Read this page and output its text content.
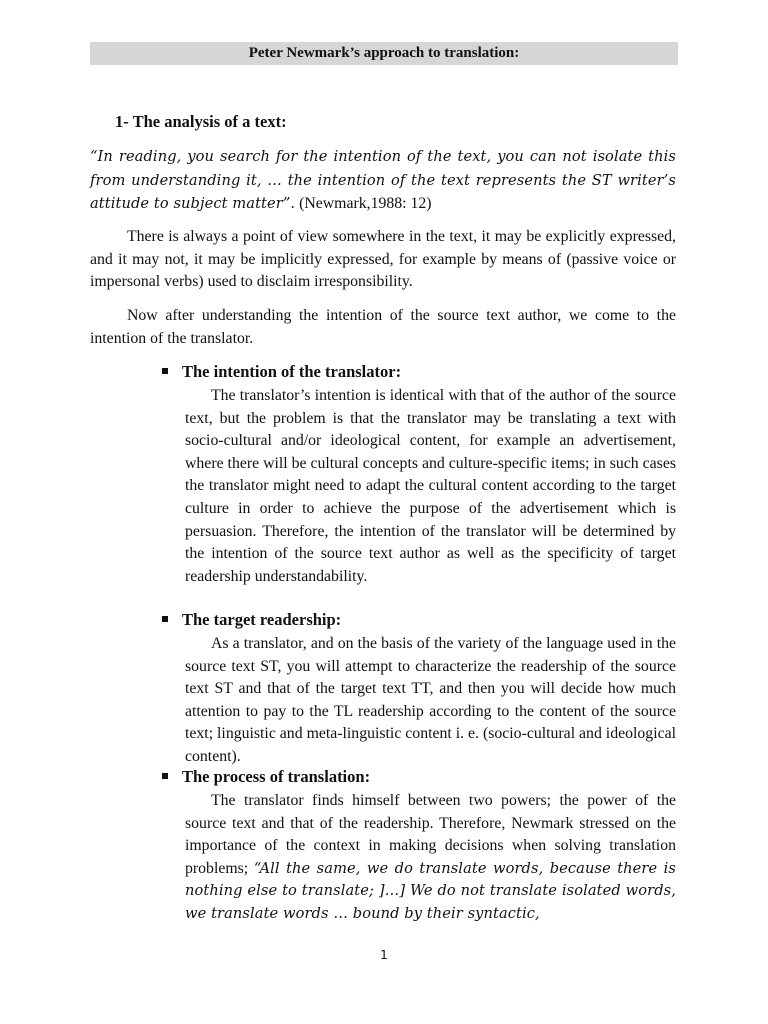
Peter Newmark’s approach to translation:
1- The analysis of a text:
“In reading, you search for the intention of the text, you can not isolate this from understanding it, … the intention of the text represents the ST writer’s attitude to subject matter”. (Newmark,1988: 12)
There is always a point of view somewhere in the text, it may be explicitly expressed, and it may not, it may be implicitly expressed, for example by means of (passive voice or impersonal verbs) used to disclaim irresponsibility.
Now after understanding the intention of the source text author, we come to the intention of the translator.
The intention of the translator:
The translator’s intention is identical with that of the author of the source text, but the problem is that the translator may be translating a text with socio-cultural and/or ideological content, for example an advertisement, where there will be cultural concepts and culture-specific items; in such cases the translator might need to adapt the cultural content according to the target culture in order to achieve the purpose of the advertisement which is persuasion. Therefore, the intention of the translator will be determined by the intention of the source text author as well as the specificity of target readership understandability.
The target readership:
As a translator, and on the basis of the variety of the language used in the source text ST, you will attempt to characterize the readership of the source text ST and that of the target text TT, and then you will decide how much attention to pay to the TL readership according to the content of the source text; linguistic and meta-linguistic content i. e. (socio-cultural and ideological content).
The process of translation:
The translator finds himself between two powers; the power of the source text and that of the readership. Therefore, Newmark stressed on the importance of the context in making decisions when solving translation problems; “All the same, we do translate words, because there is nothing else to translate; ]…] We do not translate isolated words, we translate words … bound by their syntactic,
1
